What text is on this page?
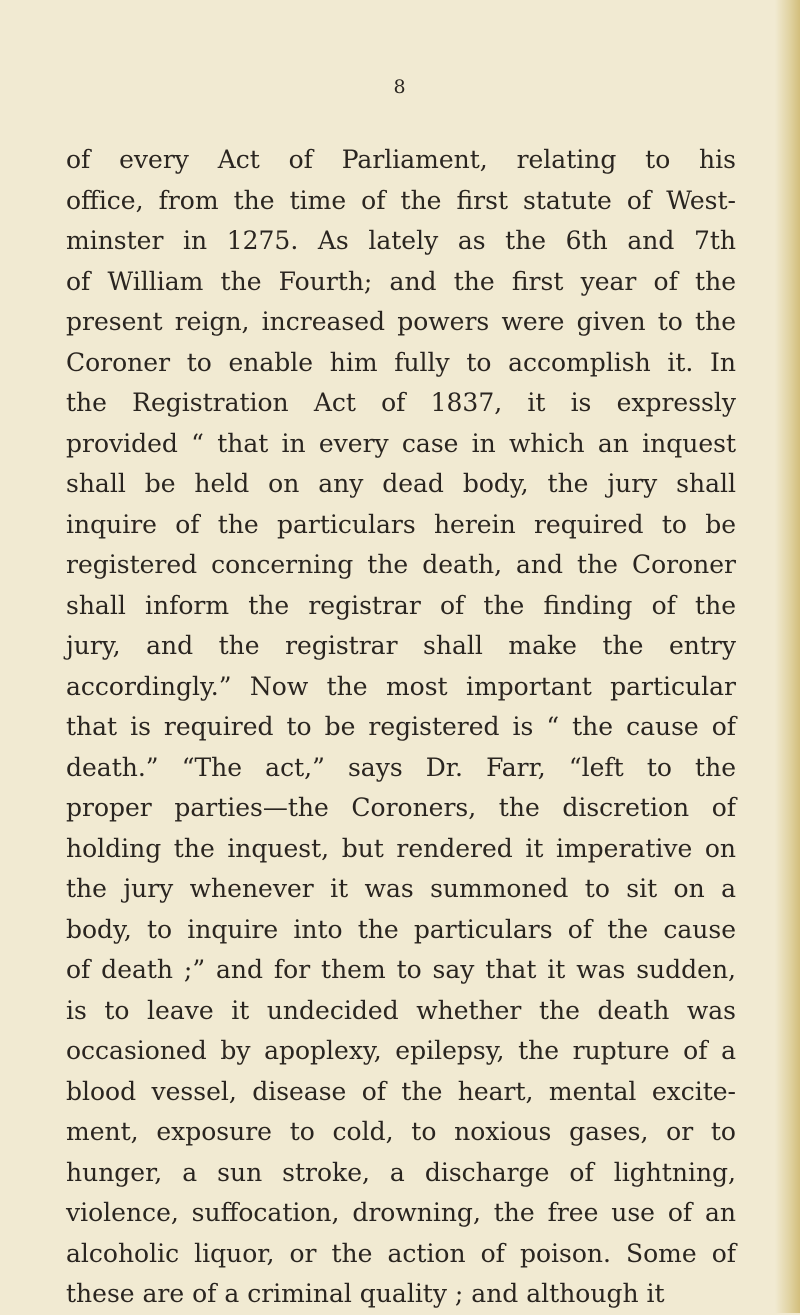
8
of every Act of Parliament, relating to his
office, from the time of the first statute of West-
minster in 1275. As lately as the 6th and 7th
of William the Fourth; and the first year of the
present reign, increased powers were given to the
Coroner to enable him fully to accomplish it. In
the Registration Act of 1837, it is expressly
provided “ that in every case in which an inquest
shall be held on any dead body, the jury shall
inquire of the particulars herein required to be
registered concerning the death, and the Coroner
shall inform the registrar of the finding of the
jury, and the registrar shall make the entry
accordingly.” Now the most important particular
that is required to be registered is “ the cause of
death.” “The act,” says Dr. Farr, “left to the
proper parties—the Coroners, the discretion of
holding the inquest, but rendered it imperative on
the jury whenever it was summoned to sit on a
body, to inquire into the particulars of the cause
of death ;” and for them to say that it was sudden,
is to leave it undecided whether the death was
occasioned by apoplexy, epilepsy, the rupture of a
blood vessel, disease of the heart, mental excite-
ment, exposure to cold, to noxious gases, or to
hunger, a sun stroke, a discharge of lightning,
violence, suffocation, drowning, the free use of an
alcoholic liquor, or the action of poison. Some of
these are of a criminal quality ; and although it
